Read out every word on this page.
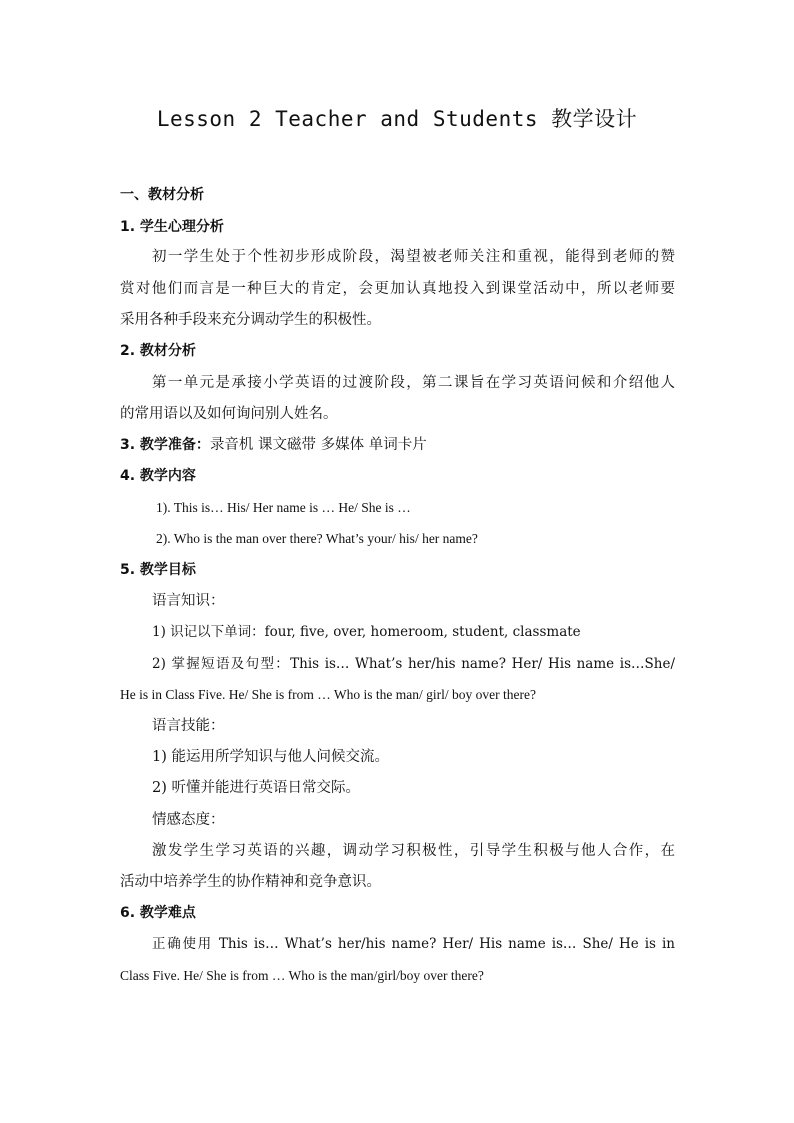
Lesson 2 Teacher and Students 教学设计
一、教材分析
1. 学生心理分析
初一学生处于个性初步形成阶段，渴望被老师关注和重视，能得到老师的赞
赏对他们而言是一种巨大的肯定，会更加认真地投入到课堂活动中，所以老师要
采用各种手段来充分调动学生的积极性。
2. 教材分析
第一单元是承接小学英语的过渡阶段，第二课旨在学习英语问候和介绍他人
的常用语以及如何询问别人姓名。
3. 教学准备：录音机 课文磁带 多媒体 单词卡片
4. 教学内容
1). This is… His/ Her name is … He/ She is …
2). Who is the man over there? What’s your/ his/ her name?
5. 教学目标
语言知识：
1) 识记以下单词：four, five, over, homeroom, student, classmate
2) 掌握短语及句型：This is… What’s her/his name? Her/ His name is…She/
He is in Class Five. He/ She is from … Who is the man/ girl/ boy over there?
语言技能：
1) 能运用所学知识与他人问候交流。
2) 听懂并能进行英语日常交际。
情感态度：
激发学生学习英语的兴趣，调动学习积极性，引导学生积极与他人合作，在
活动中培养学生的协作精神和竞争意识。
6. 教学难点
正确使用 This is… What’s her/his name? Her/ His name is… She/ He is in
Class Five. He/ She is from … Who is the man/girl/boy over there?
